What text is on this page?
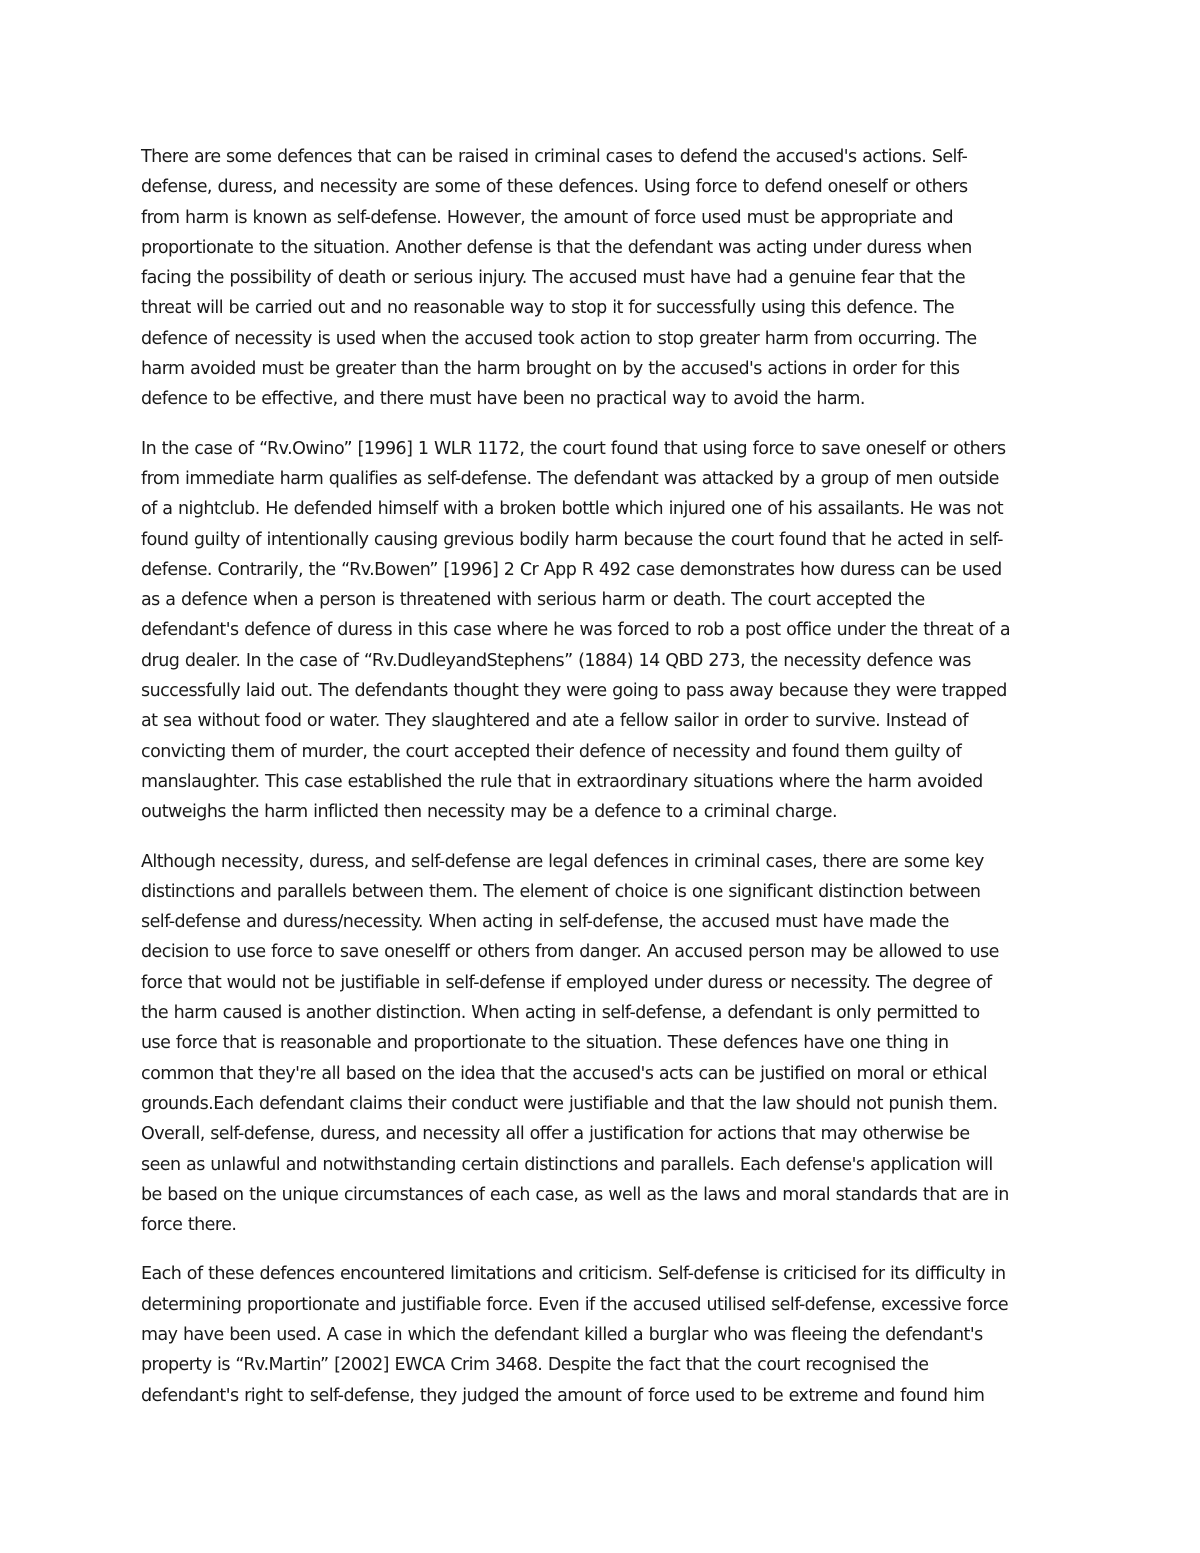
There are some defences that can be raised in criminal cases to defend the accused's actions. Self-
defense, duress, and necessity are some of these defences. Using force to defend oneself or others
from harm is known as self-defense. However, the amount of force used must be appropriate and
proportionate to the situation. Another defense is that the defendant was acting under duress when
facing the possibility of death or serious injury. The accused must have had a genuine fear that the
threat will be carried out and no reasonable way to stop it for successfully using this defence. The
defence of necessity is used when the accused took action to stop greater harm from occurring. The
harm avoided must be greater than the harm brought on by the accused's actions in order for this
defence to be effective, and there must have been no practical way to avoid the harm.

In the case of “Rv.Owino” [1996] 1 WLR 1172, the court found that using force to save oneself or others
from immediate harm qualifies as self-defense. The defendant was attacked by a group of men outside
of a nightclub. He defended himself with a broken bottle which injured one of his assailants. He was not
found guilty of intentionally causing grevious bodily harm because the court found that he acted in self-
defense. Contrarily, the “Rv.Bowen” [1996] 2 Cr App R 492 case demonstrates how duress can be used
as a defence when a person is threatened with serious harm or death. The court accepted the
defendant's defence of duress in this case where he was forced to rob a post office under the threat of a
drug dealer. In the case of “Rv.DudleyandStephens” (1884) 14 QBD 273, the necessity defence was
successfully laid out. The defendants thought they were going to pass away because they were trapped
at sea without food or water. They slaughtered and ate a fellow sailor in order to survive. Instead of
convicting them of murder, the court accepted their defence of necessity and found them guilty of
manslaughter. This case established the rule that in extraordinary situations where the harm avoided
outweighs the harm inflicted then necessity may be a defence to a criminal charge.

Although necessity, duress, and self-defense are legal defences in criminal cases, there are some key
distinctions and parallels between them. The element of choice is one significant distinction between
self-defense and duress/necessity. When acting in self-defense, the accused must have made the
decision to use force to save oneselff or others from danger. An accused person may be allowed to use
force that would not be justifiable in self-defense if employed under duress or necessity. The degree of
the harm caused is another distinction. When acting in self-defense, a defendant is only permitted to
use force that is reasonable and proportionate to the situation. These defences have one thing in
common that they're all based on the idea that the accused's acts can be justified on moral or ethical
grounds.Each defendant claims their conduct were justifiable and that the law should not punish them.
Overall, self-defense, duress, and necessity all offer a justification for actions that may otherwise be
seen as unlawful and notwithstanding certain distinctions and parallels. Each defense's application will
be based on the unique circumstances of each case, as well as the laws and moral standards that are in
force there.

Each of these defences encountered limitations and criticism. Self-defense is criticised for its difficulty in
determining proportionate and justifiable force. Even if the accused utilised self-defense, excessive force
may have been used. A case in which the defendant killed a burglar who was fleeing the defendant's
property is “Rv.Martin” [2002] EWCA Crim 3468. Despite the fact that the court recognised the
defendant's right to self-defense, they judged the amount of force used to be extreme and found him
